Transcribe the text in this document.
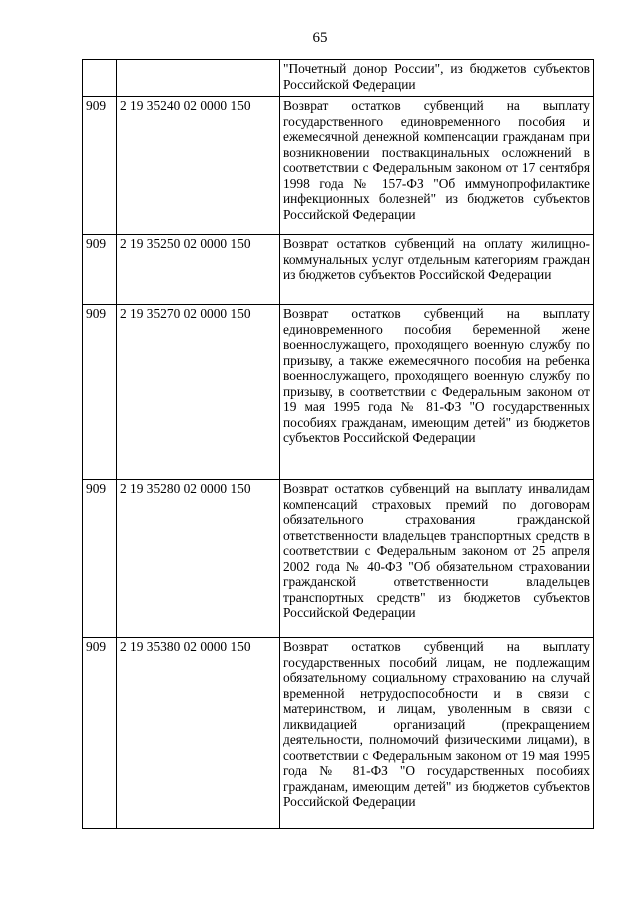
65
		"Почетный донор России", из бюджетов субъектов Российской Федерации
909	2 19 35240 02 0000 150	Возврат остатков субвенций на выплату государственного единовременного пособия и ежемесячной денежной компенсации гражданам при возникновении поствакцинальных осложнений в соответствии с Федеральным законом от 17 сентября 1998 года № 157-ФЗ "Об иммунопрофилактике инфекционных болезней" из бюджетов субъектов Российской Федерации
909	2 19 35250 02 0000 150	Возврат остатков субвенций на оплату жилищно-коммунальных услуг отдельным категориям граждан из бюджетов субъектов Российской Федерации
909	2 19 35270 02 0000 150	Возврат остатков субвенций на выплату единовременного пособия беременной жене военнослужащего, проходящего военную службу по призыву, а также ежемесячного пособия на ребенка военнослужащего, проходящего военную службу по призыву, в соответствии с Федеральным законом от 19 мая 1995 года № 81-ФЗ "О государственных пособиях гражданам, имеющим детей" из бюджетов субъектов Российской Федерации
909	2 19 35280 02 0000 150	Возврат остатков субвенций на выплату инвалидам компенсаций страховых премий по договорам обязательного страхования гражданской ответственности владельцев транспортных средств в соответствии с Федеральным законом от 25 апреля 2002 года № 40-ФЗ "Об обязательном страховании гражданской ответственности владельцев транспортных средств" из бюджетов субъектов Российской Федерации
909	2 19 35380 02 0000 150	Возврат остатков субвенций на выплату государственных пособий лицам, не подлежащим обязательному социальному страхованию на случай временной нетрудоспособности и в связи с материнством, и лицам, уволенным в связи с ликвидацией организаций (прекращением деятельности, полномочий физическими лицами), в соответствии с Федеральным законом от 19 мая 1995 года № 81-ФЗ "О государственных пособиях гражданам, имеющим детей" из бюджетов субъектов Российской Федерации
